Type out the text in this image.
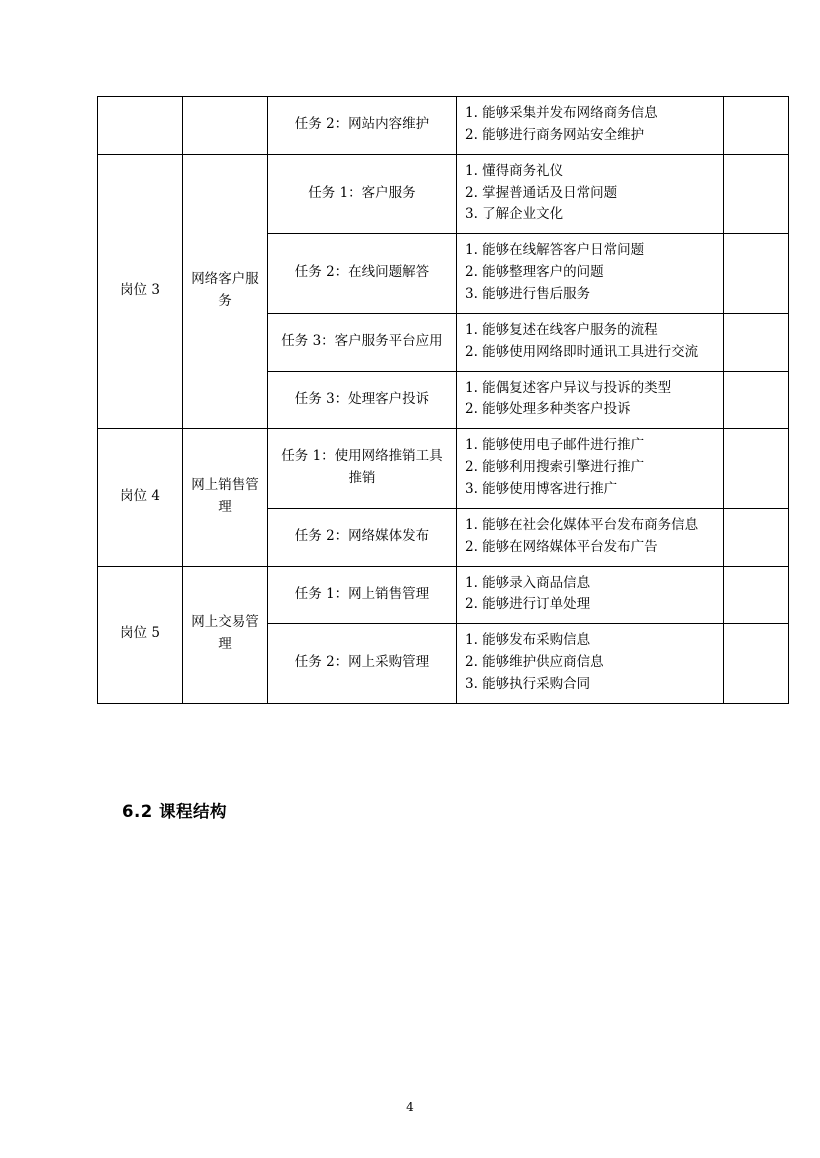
		任务 2：网站内容维护	1. 能够采集并发布网络商务信息
2. 能够进行商务网站安全维护	

岗位 3	网络客户服务	任务 1：客户服务	1. 懂得商务礼仪
2. 掌握普通话及日常问题
3. 了解企业文化	

		任务 2：在线问题解答	1. 能够在线解答客户日常问题
2. 能够整理客户的问题
3. 能够进行售后服务	

		任务 3：客户服务平台应用	1. 能够复述在线客户服务的流程
2. 能够使用网络即时通讯工具进行交流	

		任务 3：处理客户投诉	1. 能偶复述客户异议与投诉的类型
2. 能够处理多种类客户投诉	

岗位 4	网上销售管理	任务 1：使用网络推销工具推销	1. 能够使用电子邮件进行推广
2. 能够利用搜索引擎进行推广
3. 能够使用博客进行推广	

		任务 2：网络媒体发布	1. 能够在社会化媒体平台发布商务信息
2. 能够在网络媒体平台发布广告	

岗位 5	网上交易管理	任务 1：网上销售管理	1. 能够录入商品信息
2. 能够进行订单处理	

		任务 2：网上采购管理	1. 能够发布采购信息
2. 能够维护供应商信息
3. 能够执行采购合同	

6.2 课程结构
4
